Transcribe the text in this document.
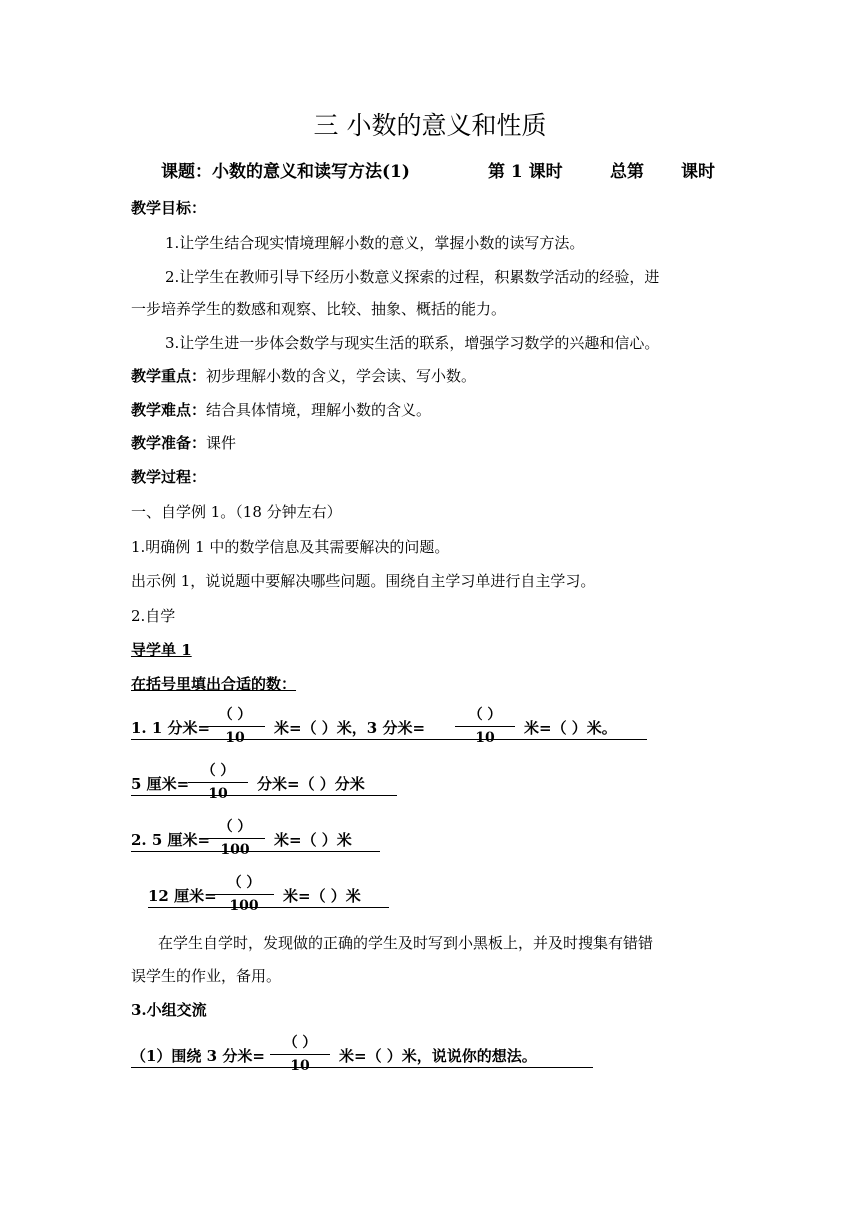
三 小数的意义和性质
课题：小数的意义和读写方法(1)	第 1 课时	总第 课时
教学目标：
1.让学生结合现实情境理解小数的意义，掌握小数的读写方法。
2.让学生在教师引导下经历小数意义探索的过程，积累数学活动的经验，进
一步培养学生的数感和观察、比较、抽象、概括的能力。
3.让学生进一步体会数学与现实生活的联系，增强学习数学的兴趣和信心。
教学重点：初步理解小数的含义，学会读、写小数。
教学难点：结合具体情境，理解小数的含义。
教学准备：课件
教学过程：
一、自学例 1。（18 分钟左右）
1.明确例 1 中的数学信息及其需要解决的问题。
出示例 1，说说题中要解决哪些问题。围绕自主学习单进行自主学习。
2.自学
导学单 1
在括号里填出合适的数：
1. 1 分米=
（ ）
10
米=（ ）米，3 分米=
（ ）
10
米=（ ）米。
5 厘米=
（ ）
10
分米=（ ）分米
2. 5 厘米=
（ ）
100
米=（ ）米
12 厘米=
（ ）
100
米=（ ）米
在学生自学时，发现做的正确的学生及时写到小黑板上，并及时搜集有错错
误学生的作业，备用。
3.小组交流
（1）围绕 3 分米=
（ ）
10
米=（ ）米，说说你的想法。
